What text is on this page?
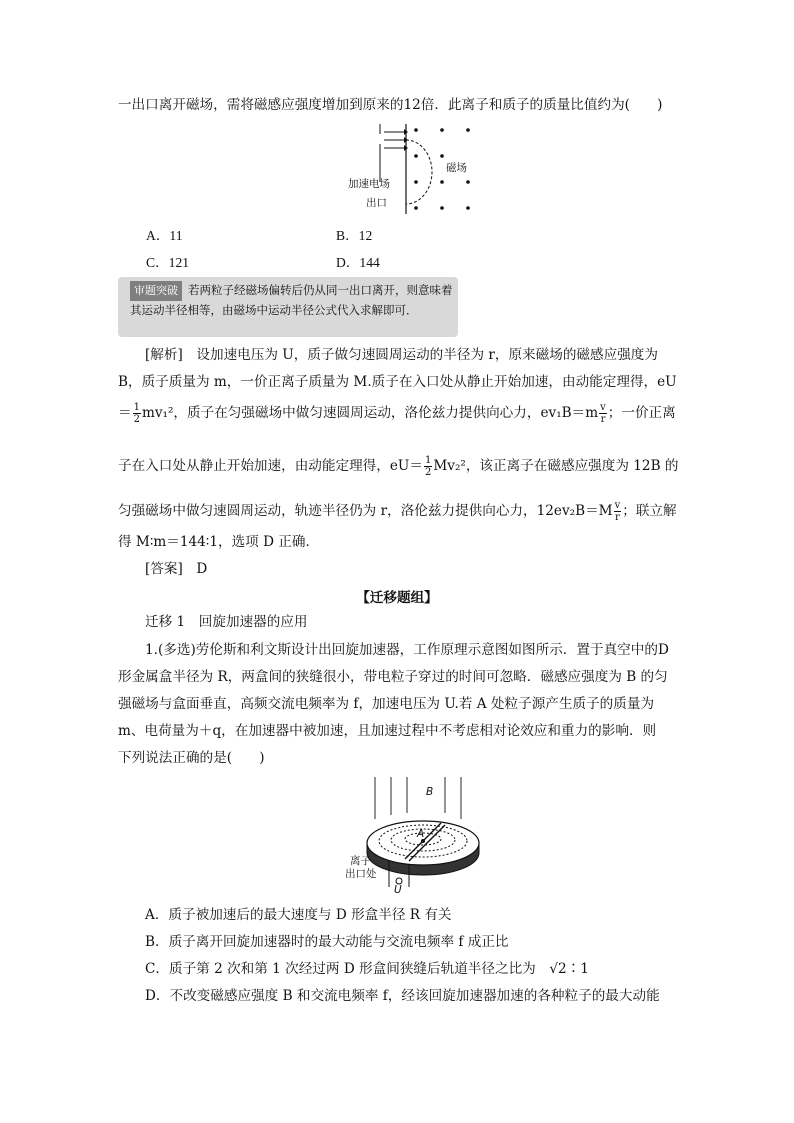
一出口离开磁场，需将磁感应强度增加到原来的12倍．此离子和质子的质量比值约为(　　)
磁场
加速电场
出口
A．11	B．12
C．121	D．144
审题突破 若两粒子经磁场偏转后仍从同一出口离开，则意味着其运动半径相等，由磁场中运动半径公式代入求解即可．
[解析]　设加速电压为 U，质子做匀速圆周运动的半径为 r，原来磁场的磁感应强度为
B，质子质量为 m，一价正离子质量为 M.质子在入口处从静止开始加速，由动能定理得，eU
＝ $\frac{1}{2} mv_1^2$，质子在匀强磁场中做匀速圆周运动，洛伦兹力提供向心力，$ev_1B=m \frac{v}{r}$ ；一价正离
子在入口处从静止开始加速，由动能定理得，$eU= \frac{1}{2} Mv_2^2$，该正离子在磁感应强度为 12B 的
匀强磁场中做匀速圆周运动，轨迹半径仍为 r，洛伦兹力提供向心力，$12ev_2B=M \frac{v}{r}$ ；联立解
得 M∶m＝144∶1，选项 D 正确．
[答案]　D
【迁移题组】
迁移 1　回旋加速器的应用
1.(多选)劳伦斯和利文斯设计出回旋加速器，工作原理示意图如图所示．置于真空中的D
形金属盒半径为 R，两盒间的狭缝很小，带电粒子穿过的时间可忽略．磁感应强度为 B 的匀
强磁场与盒面垂直，高频交流电频率为 f，加速电压为 U.若 A 处粒子源产生质子的质量为
m、电荷量为＋q，在加速器中被加速，且加速过程中不考虑相对论效应和重力的影响．则
下列说法正确的是(　　)
B
A
离子
出口处
U
A．质子被加速后的最大速度与 D 形盒半径 R 有关
B．质子离开回旋加速器时的最大动能与交流电频率 f 成正比
C．质子第 2 次和第 1 次经过两 D 形盒间狭缝后轨道半径之比为　√2∶1
D．不改变磁感应强度 B 和交流电频率 f，经该回旋加速器加速的各种粒子的最大动能
